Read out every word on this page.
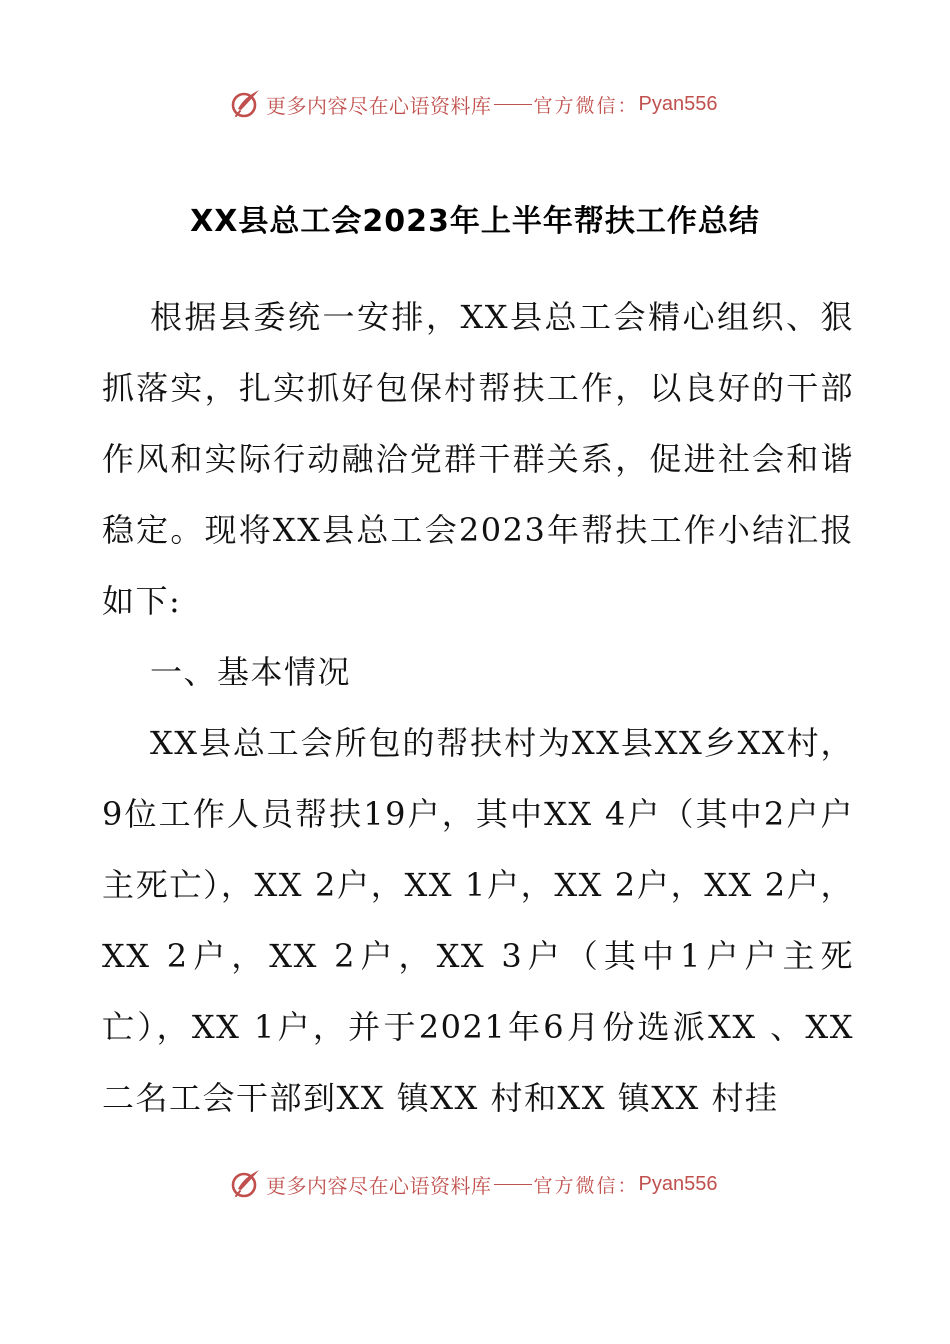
更多内容尽在心语资料库 官方微信： Pyan556
XX县总工会2023年上半年帮扶工作总结

根据县委统一安排，XX县总工会精心组织、狠抓落实，扎实抓好包保村帮扶工作，以良好的干部作风和实际行动融洽党群干群关系，促进社会和谐稳定。现将XX县总工会2023年帮扶工作小结汇报如下:

一、基本情况

XX县总工会所包的帮扶村为XX县XX乡XX村，9位工作人员帮扶19户，其中XX 4户（其中2户户主死亡），XX 2户，XX 1户，XX 2户，XX 2户，XX 2户，XX 2户，XX 3户（其中1户户主死亡），XX 1户，并于2021年6月份选派XX 、XX 二名工会干部到XX 镇XX 村和XX 镇XX 村挂

更多内容尽在心语资料库 官方微信： Pyan556
